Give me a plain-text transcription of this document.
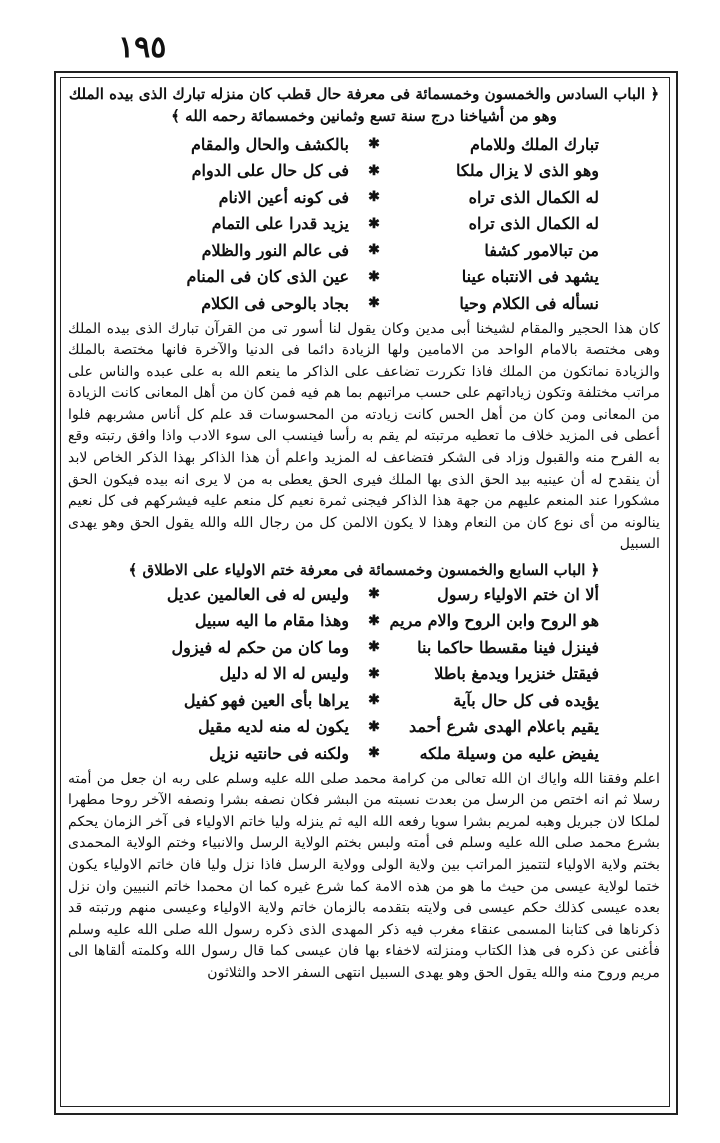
١٩٥
﴿ الباب السادس والخمسون وخمسمائة فی معرفة حال قطب کان منزله تبارك الذی بیده الملك
وهو من أشیاخنا درج سنة تسع وثمانین وخمسمائة رحمه الله ﴾
تبارك الملك وللامام
✱
بالکشف والحال والمقام
وهو الذی لا یزال ملکا
✱
فی کل حال علی الدوام
له الکمال الذی تراه
✱
فی کونه أعین الانام
له الکمال الذی تراه
✱
یزید قدرا علی التمام
من تبالامور کشفا
✱
فی عالم النور والظلام
یشهد فی الانتباه عینا
✱
عین الذی کان فی المنام
نسأله فی الکلام وحیا
✱
بجاد بالوحی فی الکلام

کان هذا الحجیر والمقام لشیخنا أبی مدین وکان یقول لنا أسور تی من القرآن تبارك الذی بیده الملك وهی مختصة بالامام الواحد من الامامین ولها الزیادة دائما فی الدنیا والآخرة فانها مختصة بالملك والزیادة نماتکون من الملك فاذا تکررت تضاعف علی الذاکر ما ینعم الله به علی عبده والناس علی مراتب مختلفة وتکون زیاداتهم علی حسب مراتبهم بما هم فیه فمن کان من أهل المعانی کانت الزیادة من المعانی ومن کان من أهل الحس کانت زیادته من المحسوسات قد علم کل أناس مشربهم فلوا أعطی فی المزید خلاف ما تعطیه مرتبته لم یقم به رأسا فینسب الی سوء الادب واذا وافق رتبته وقع به الفرح منه والقبول وزاد فی الشکر فتضاعف له المزید واعلم أن هذا الذاکر بهذا الذکر الخاص لابد أن ینقدح له أن عینیه بید الحق الذی بها الملك فیری الحق یعطی به من لا یری انه بیده فیکون الحق مشکورا عند المنعم علیهم من جهة هذا الذاکر فیجنی ثمرة نعیم کل منعم علیه فیشرکهم فی کل نعیم ینالونه من أی نوع کان من النعام وهذا لا یکون الالمن کل من رجال الله والله یقول الحق وهو یهدی السبیل

﴿ الباب السابع والخمسون وخمسمائة فی معرفة ختم الاولیاء علی الاطلاق ﴾
ألا ان ختم الاولیاء رسول
✱
ولیس له فی العالمین عدیل
هو الروح وابن الروح والام مریم
✱
وهذا مقام ما الیه سبیل
فینزل فینا مقسطا حاکما بنا
✱
وما کان من حکم له فیزول
فیقتل خنزیرا ویدمغ باطلا
✱
ولیس له الا له دلیل
یؤیده فی کل حال بآیة
✱
یراها بأی العین فهو کفیل
یقیم باعلام الهدی شرع أحمد
✱
یکون له منه لدیه مقیل
یفیض علیه من وسیلة ملکه
✱
ولکنه فی حانتیه نزیل

اعلم وفقنا الله وایاك ان الله تعالی من کرامة محمد صلی الله علیه وسلم علی ربه ان جعل من أمته رسلا ثم انه اختص من الرسل من بعدت نسبته من البشر فکان نصفه بشرا ونصفه الآخر روحا مطهرا لملکا لان جبریل وهبه لمریم بشرا سویا رفعه الله الیه ثم ینزله ولیا خاتم الاولیاء فی آخر الزمان یحکم بشرع محمد صلی الله علیه وسلم فی أمته ولبس بختم الولایة الرسل والانبیاء وختم الولایة المحمدی بختم ولایة الاولیاء لتتمیز المراتب بین ولایة الولی وولایة الرسل فاذا نزل ولیا فان خاتم الاولیاء یکون ختما لولایة عیسی من حیث ما هو من هذه الامة کما شرع غیره کما ان محمدا خاتم النبیین وان نزل بعده عیسی کذلك حکم عیسی فی ولایته بتقدمه بالزمان خاتم ولایة الاولیاء وعیسی منهم ورتبته قد ذکرناها فی کتابنا المسمی عنقاء مغرب فیه ذکر المهدی الذی ذکره رسول الله صلی الله علیه وسلم فأغنی عن ذکره فی هذا الکتاب ومنزلته لاخفاء بها فان عیسی کما قال رسول الله وکلمته ألقاها الی مریم وروح منه والله یقول الحق وهو یهدی السبیل انتهی السفر الاحد والثلاثون
